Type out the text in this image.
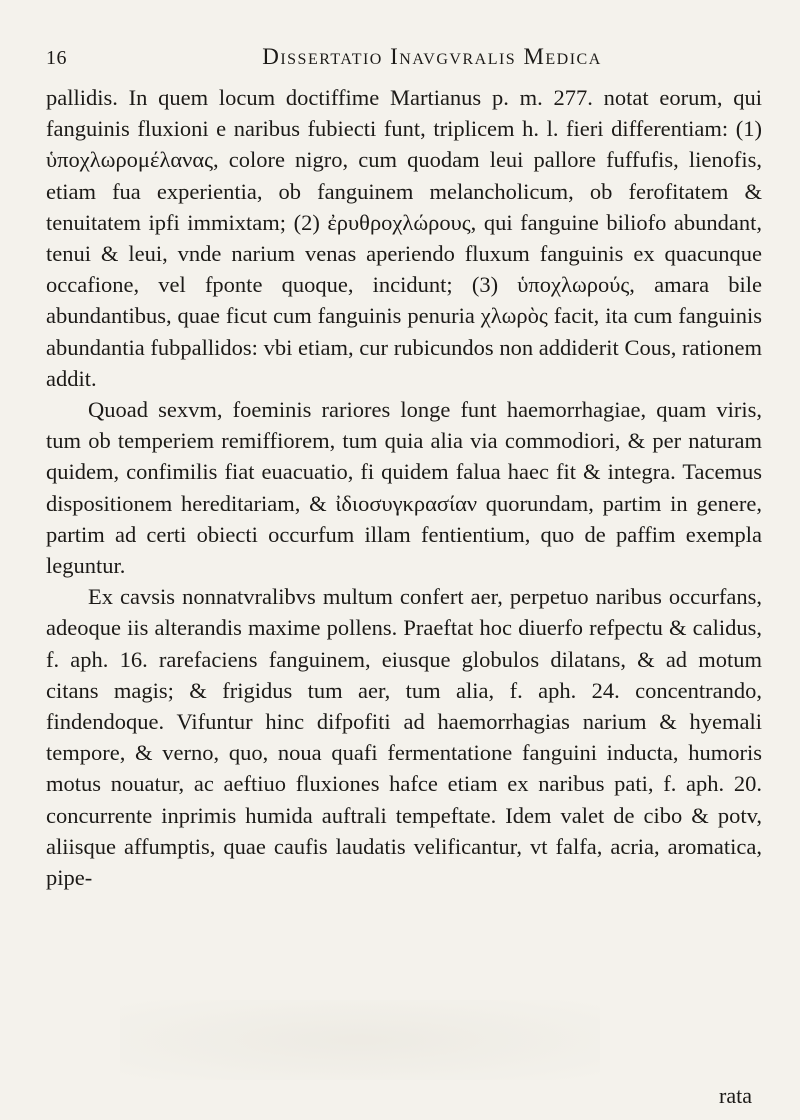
16	Dissertatio Inavgvralis Medica

pallidis. In quem locum doctiffime Martianus p. m. 277. notat eorum, qui fanguinis fluxioni e naribus fubiecti funt, triplicem h. l. fieri differentiam: (1) ὑποχλωρομέλανας, colore nigro, cum quodam leui pallore fuffufis, lienofis, etiam fua experientia, ob fanguinem melancholicum, ob ferofitatem & tenuitatem ipfi immixtam; (2) ἐρυθροχλώρους, qui fanguine biliofo abundant, tenui & leui, vnde narium venas aperiendo fluxum fanguinis ex quacunque occafione, vel fponte quoque, incidunt; (3) ὑποχλωρούς, amara bile abundantibus, quae ficut cum fanguinis penuria χλωρὸς facit, ita cum fanguinis abundantia fubpallidos: vbi etiam, cur rubicundos non addiderit Cous, rationem addit.

Quoad sexvm, foeminis rariores longe funt haemorrhagiae, quam viris, tum ob temperiem remiffiorem, tum quia alia via commodiori, & per naturam quidem, confimilis fiat euacuatio, fi quidem falua haec fit & integra. Tacemus dispositionem hereditariam, & ἰδιοσυγκρασίαν quorundam, partim in genere, partim ad certi obiecti occurfum illam fentientium, quo de paffim exempla leguntur.

Ex cavsis nonnatvralibvs multum confert aer, perpetuo naribus occurfans, adeoque iis alterandis maxime pollens. Praeftat hoc diuerfo refpectu & calidus, f. aph. 16. rarefaciens fanguinem, eiusque globulos dilatans, & ad motum citans magis; & frigidus tum aer, tum alia, f. aph. 24. concentrando, findendoque. Vifuntur hinc difpofiti ad haemorrhagias narium & hyemali tempore, & verno, quo, noua quafi fermentatione fanguini inducta, humoris motus nouatur, ac aeftiuo fluxiones hafce etiam ex naribus pati, f. aph. 20. concurrente inprimis humida auftrali tempeftate. Idem valet de cibo & potv, aliisque affumptis, quae caufis laudatis velificantur, vt falfa, acria, aromatica, pipe-

rata
